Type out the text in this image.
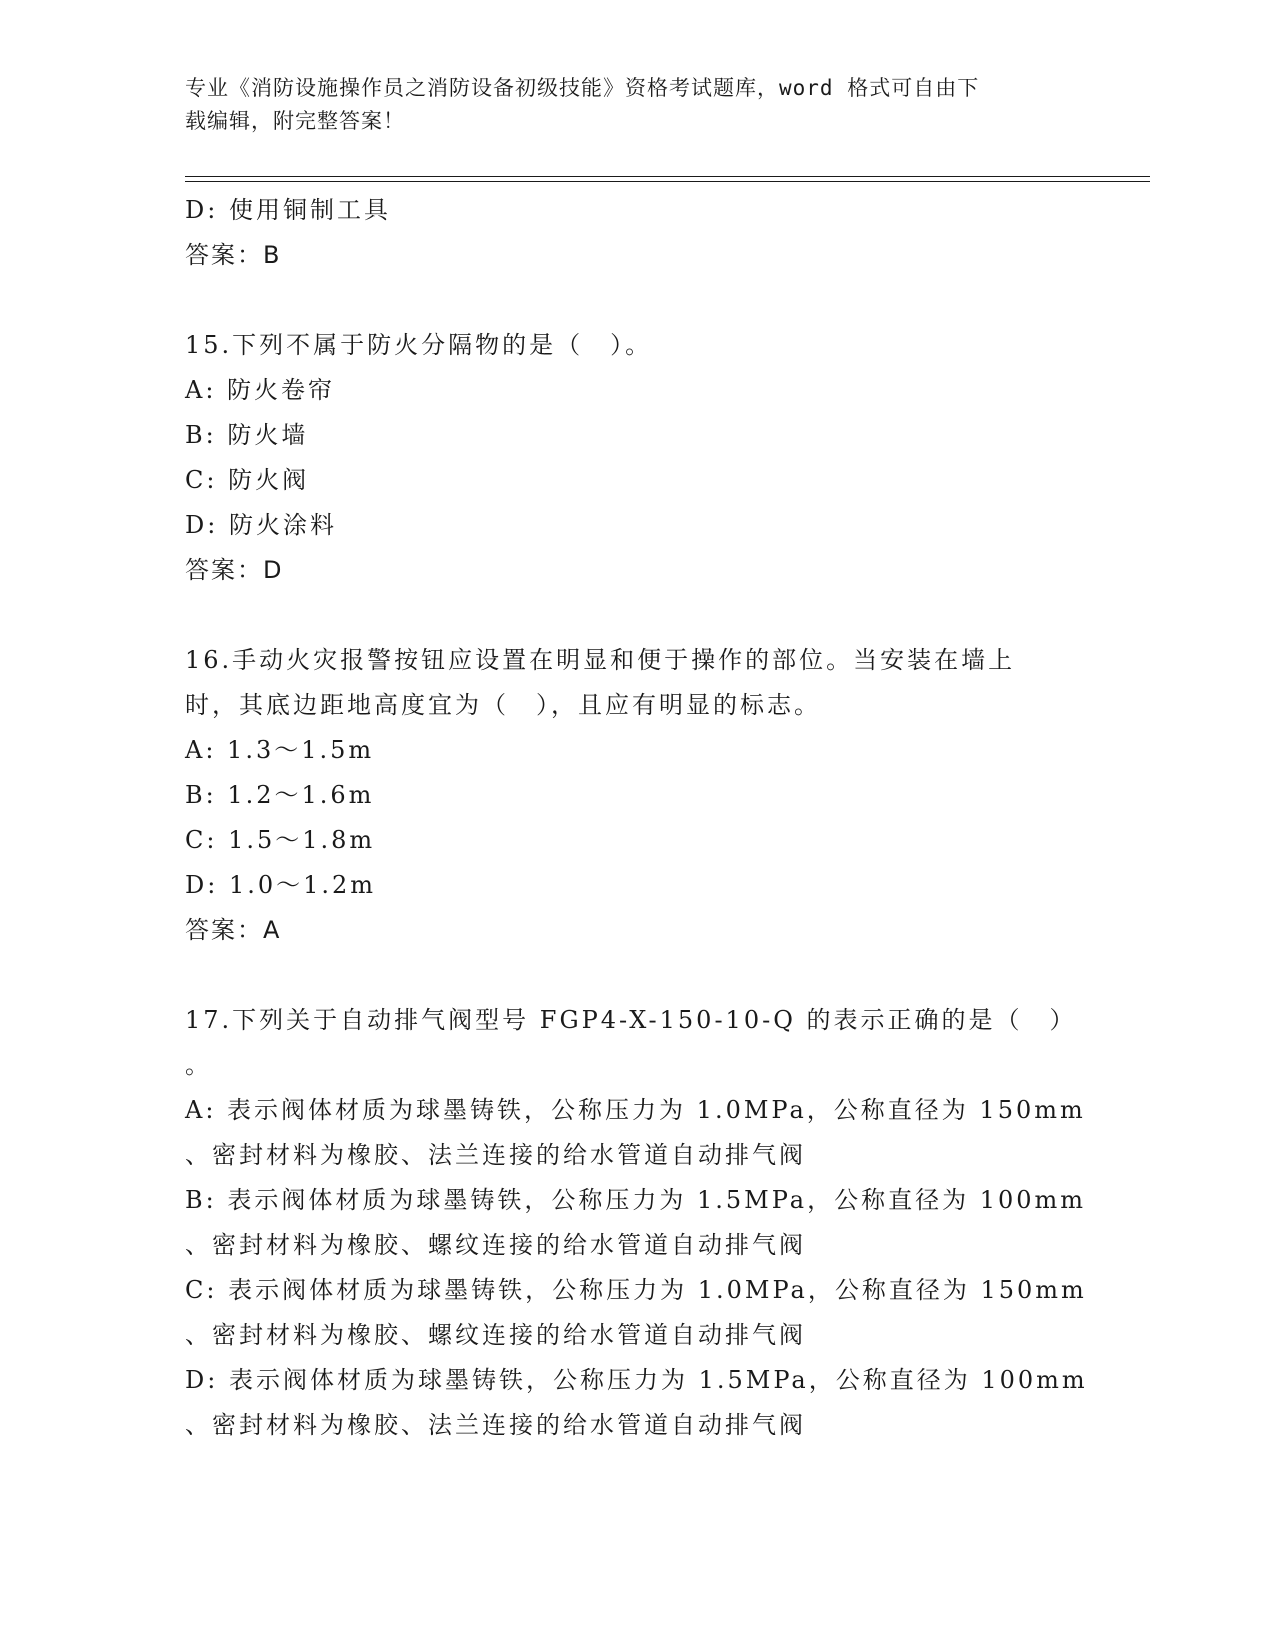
专业《消防设施操作员之消防设备初级技能》资格考试题库，word 格式可自由下
载编辑，附完整答案！
D: 使用铜制工具
答案：B
15.下列不属于防火分隔物的是（　）。
A: 防火卷帘
B: 防火墙
C: 防火阀
D: 防火涂料
答案：D
16.手动火灾报警按钮应设置在明显和便于操作的部位。当安装在墙上
时，其底边距地高度宜为（　），且应有明显的标志。
A: 1.3～1.5m
B: 1.2～1.6m
C: 1.5～1.8m
D: 1.0～1.2m
答案：A
17.下列关于自动排气阀型号 FGP4-X-150-10-Q 的表示正确的是（　）
。
A: 表示阀体材质为球墨铸铁，公称压力为 1.0MPa，公称直径为 150mm
、密封材料为橡胶、法兰连接的给水管道自动排气阀
B: 表示阀体材质为球墨铸铁，公称压力为 1.5MPa，公称直径为 100mm
、密封材料为橡胶、螺纹连接的给水管道自动排气阀
C: 表示阀体材质为球墨铸铁，公称压力为 1.0MPa，公称直径为 150mm
、密封材料为橡胶、螺纹连接的给水管道自动排气阀
D: 表示阀体材质为球墨铸铁，公称压力为 1.5MPa，公称直径为 100mm
、密封材料为橡胶、法兰连接的给水管道自动排气阀
